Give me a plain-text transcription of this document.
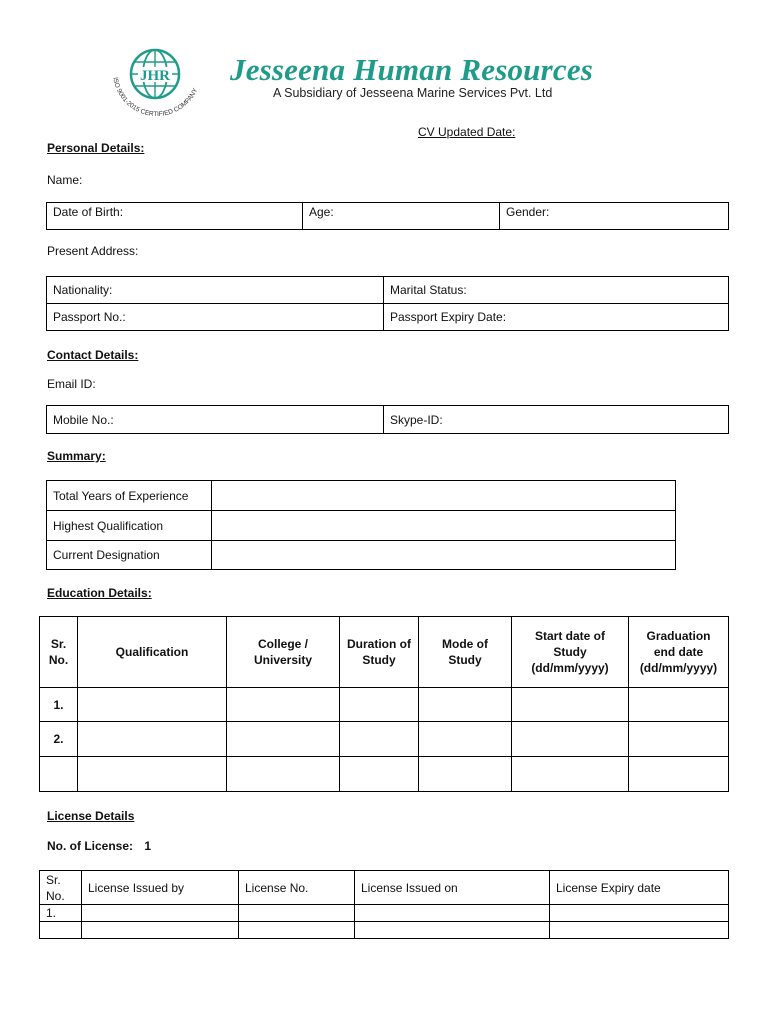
JHR
ISO 9001-2015 CERTIFIED COMPANY
Jesseena Human Resources
A Subsidiary of Jesseena Marine Services Pvt. Ltd
CV Updated Date:
Personal Details:
Name:
Date of Birth:	Age:	Gender:
Present Address:
Nationality:	Marital Status:
Passport No.:	Passport Expiry Date:
Contact Details:
Email ID:
Mobile No.:	Skype-ID:
Summary:
Total Years of Experience	
Highest Qualification	
Current Designation	
Education Details:
Sr. No.	Qualification	College / University	Duration of Study	Mode of Study	Start date of Study (dd/mm/yyyy)	Graduation end date (dd/mm/yyyy)
1.						
2.						

License Details
No. of License: 1
Sr. No.	License Issued by	License No.	License Issued on	License Expiry date
1.				
